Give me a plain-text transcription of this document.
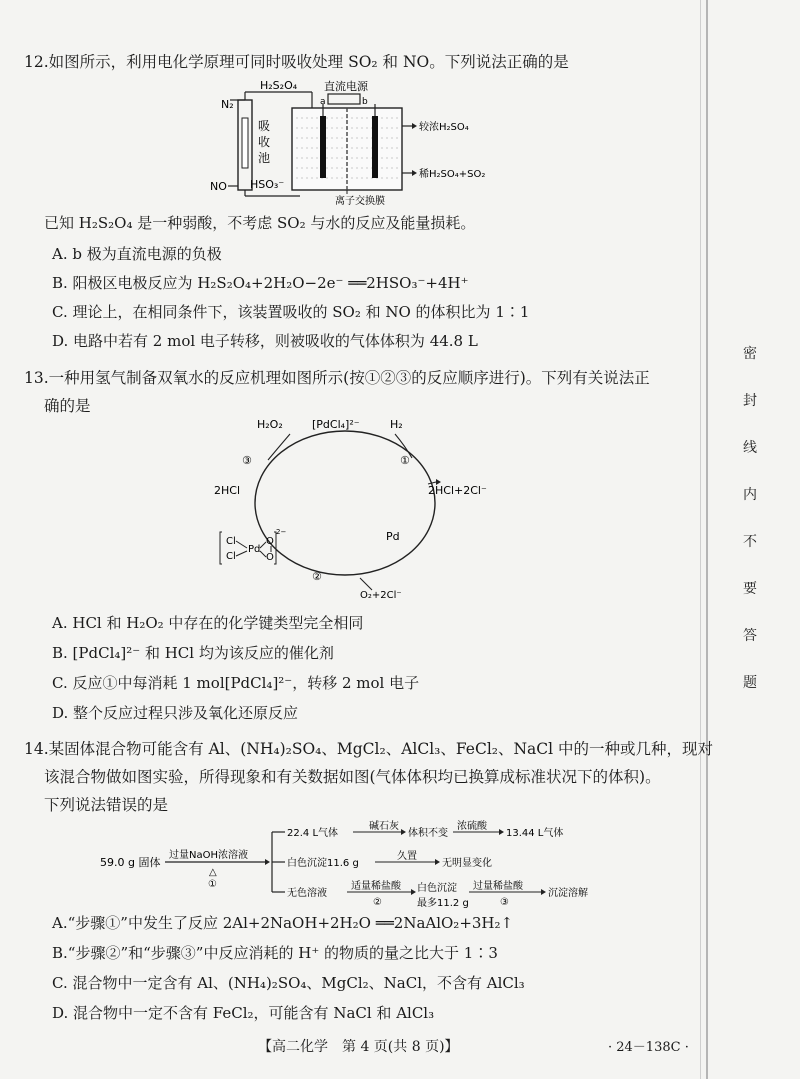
密
封
线
内
不
要
答
题
12.如图所示，利用电化学原理可同时吸收处理 SO₂ 和 NO。下列说法正确的是
N₂
吸
收
池
H₂S₂O₄
HSO₃⁻
NO
直流电源
a	b
较浓H₂SO₄
稀H₂SO₄+SO₂
离子交换膜
已知 H₂S₂O₄ 是一种弱酸，不考虑 SO₂ 与水的反应及能量损耗。
A. b 极为直流电源的负极
B. 阳极区电极反应为 H₂S₂O₄+2H₂O−2e⁻ ══2HSO₃⁻+4H⁺
C. 理论上，在相同条件下，该装置吸收的 SO₂ 和 NO 的体积比为 1∶1
D. 电路中若有 2 mol 电子转移，则被吸收的气体体积为 44.8 L
13.一种用氢气制备双氧水的反应机理如图所示(按①②③的反应顺序进行)。下列有关说法正
确的是
H₂O₂	[PdCl₄]²⁻	H₂
③	①
2HCl	2HCl+2Cl⁻
Pd
②
O₂+2Cl⁻
Cl
Cl
Pd
O
O
2−
A. HCl 和 H₂O₂ 中存在的化学键类型完全相同
B. [PdCl₄]²⁻ 和 HCl 均为该反应的催化剂
C. 反应①中每消耗 1 mol[PdCl₄]²⁻，转移 2 mol 电子
D. 整个反应过程只涉及氧化还原反应
14.某固体混合物可能含有 Al、(NH₄)₂SO₄、MgCl₂、AlCl₃、FeCl₂、NaCl 中的一种或几种，现对
该混合物做如图实验，所得现象和有关数据如图(气体体积均已换算成标准状况下的体积)。
下列说法错误的是
59.0 g 固体
过量NaOH浓溶液
△
①
22.4 L气体
碱石灰
体积不变
浓硫酸
13.44 L气体
白色沉淀11.6 g
久置
无明显变化
无色溶液
适量稀盐酸
②
白色沉淀
最多11.2 g
过量稀盐酸
③
沉淀溶解
A.“步骤①”中发生了反应 2Al+2NaOH+2H₂O ══2NaAlO₂+3H₂↑
B.“步骤②”和“步骤③”中反应消耗的 H⁺ 的物质的量之比大于 1∶3
C. 混合物中一定含有 Al、(NH₄)₂SO₄、MgCl₂、NaCl，不含有 AlCl₃
D. 混合物中一定不含有 FeCl₂，可能含有 NaCl 和 AlCl₃
【高二化学　第 4 页(共 8 页)】	· 24－138C ·
